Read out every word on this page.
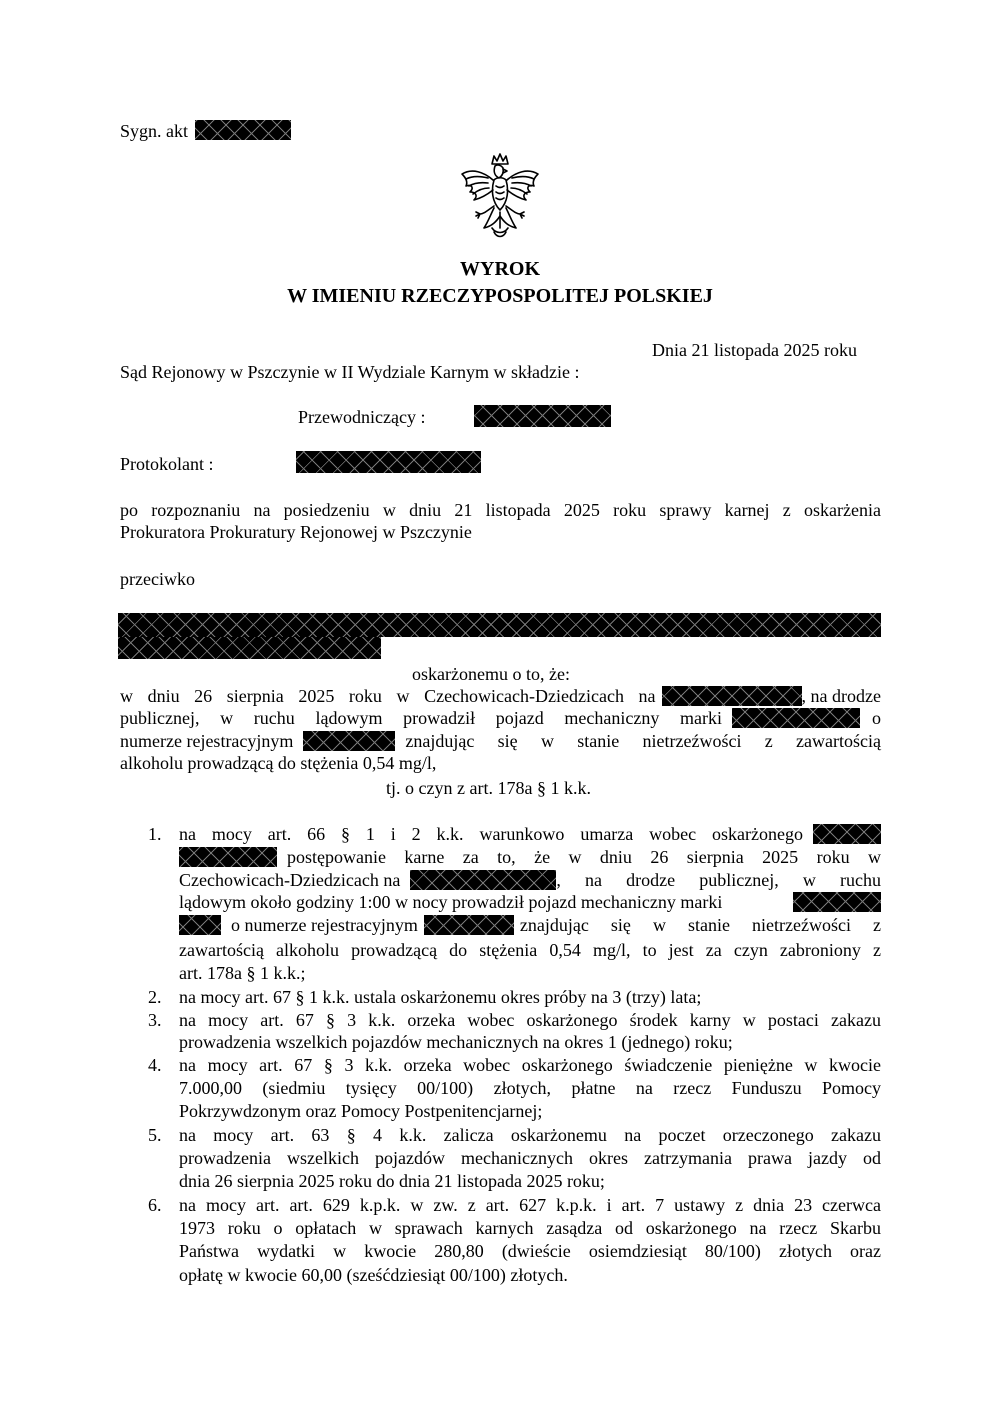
Sygn. akt
WYROK
W IMIENIU RZECZYPOSPOLITEJ POLSKIEJ
Dnia 21 listopada 2025 roku
Sąd Rejonowy w Pszczynie w II Wydziale Karnym w składzie :
Przewodniczący :
Protokolant :
po rozpoznaniu na posiedzeniu w dniu 21 listopada 2025 roku sprawy karnej z oskarżenia
Prokuratora Prokuratury Rejonowej w Pszczynie
przeciwko
oskarżonemu o to, że:
w dniu 26 sierpnia 2025 roku w Czechowicach-Dziedzicach na	, na drodze
publicznej, w ruchu lądowym prowadził pojazd mechaniczny marki	o
numerze rejestracyjnym	znajdując się w stanie nietrzeźwości z zawartością
alkoholu prowadzącą do stężenia 0,54 mg/l,
tj. o czyn z art. 178a § 1 k.k.
1. na mocy art. 66 § 1 i 2 k.k. warunkowo umarza wobec oskarżonego
postępowanie karne za to, że w dniu 26 sierpnia 2025 roku w
Czechowicach-Dziedzicach na	, na drodze publicznej, w ruchu
lądowym około godziny 1:00 w nocy prowadził pojazd mechaniczny marki
o numerze rejestracyjnym	znajdując się w stanie nietrzeźwości z
zawartością alkoholu prowadzącą do stężenia 0,54 mg/l, to jest za czyn zabroniony z
art. 178a § 1 k.k.;
2. na mocy art. 67 § 1 k.k. ustala oskarżonemu okres próby na 3 (trzy) lata;
3. na mocy art. 67 § 3 k.k. orzeka wobec oskarżonego środek karny w postaci zakazu
prowadzenia wszelkich pojazdów mechanicznych na okres 1 (jednego) roku;
4. na mocy art. 67 § 3 k.k. orzeka wobec oskarżonego świadczenie pieniężne w kwocie
7.000,00 (siedmiu tysięcy 00/100) złotych, płatne na rzecz Funduszu Pomocy
Pokrzywdzonym oraz Pomocy Postpenitencjarnej;
5. na mocy art. 63 § 4 k.k. zalicza oskarżonemu na poczet orzeczonego zakazu
prowadzenia wszelkich pojazdów mechanicznych okres zatrzymania prawa jazdy od
dnia 26 sierpnia 2025 roku do dnia 21 listopada 2025 roku;
6. na mocy art. art. 629 k.p.k. w zw. z art. 627 k.p.k. i art. 7 ustawy z dnia 23 czerwca
1973 roku o opłatach w sprawach karnych zasądza od oskarżonego na rzecz Skarbu
Państwa wydatki w kwocie 280,80 (dwieście osiemdziesiąt 80/100) złotych oraz
opłatę w kwocie 60,00 (sześćdziesiąt 00/100) złotych.
